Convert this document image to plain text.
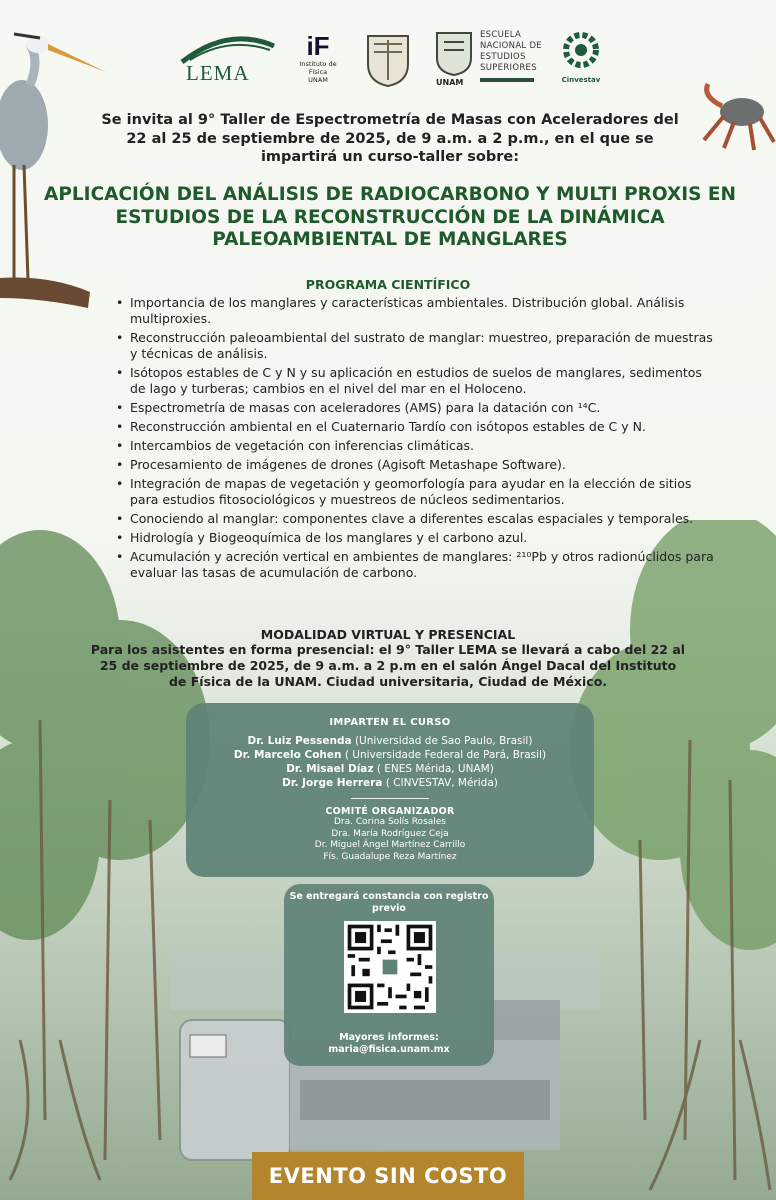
LEMA
iF
Instituto de Física
UNAM
ESCUELA
NACIONAL DE
ESTUDIOS
SUPERIORES
UNAM	Cinvestav
Se invita al 9° Taller de Espectrometría de Masas con Aceleradores del 22 al 25 de septiembre de 2025, de 9 a.m. a 2 p.m., en el que se impartirá un curso-taller sobre:
APLICACIÓN DEL ANÁLISIS DE RADIOCARBONO Y MULTI PROXIS EN ESTUDIOS DE LA RECONSTRUCCIÓN DE LA DINÁMICA PALEOAMBIENTAL DE MANGLARES
PROGRAMA CIENTÍFICO
• Importancia de los manglares y características ambientales. Distribución global. Análisis multiproxies.
• Reconstrucción paleoambiental del sustrato de manglar: muestreo, preparación de muestras y técnicas de análisis.
• Isótopos estables de C y N y su aplicación en estudios de suelos de manglares, sedimentos de lago y turberas; cambios en el nivel del mar en el Holoceno.
• Espectrometría de masas con aceleradores (AMS) para la datación con ¹⁴C.
• Reconstrucción ambiental en el Cuaternario Tardío con isótopos estables de C y N.
• Intercambios de vegetación con inferencias climáticas.
• Procesamiento de imágenes de drones (Agisoft Metashape Software).
• Integración de mapas de vegetación y geomorfología para ayudar en la elección de sitios para estudios fitosociológicos y muestreos de núcleos sedimentarios.
• Conociendo al manglar: componentes clave a diferentes escalas espaciales y temporales.
• Hidrología y Biogeoquímica de los manglares y el carbono azul.
• Acumulación y acreción vertical en ambientes de manglares: ²¹⁰Pb y otros radionúclidos para evaluar las tasas de acumulación de carbono.
MODALIDAD VIRTUAL Y PRESENCIAL
Para los asistentes en forma presencial: el 9° Taller LEMA se llevará a cabo del 22 al 25 de septiembre de 2025, de 9 a.m. a 2 p.m en el salón Ángel Dacal del Instituto de Física de la UNAM. Ciudad universitaria, Ciudad de México.
IMPARTEN EL CURSO
Dr. Luiz Pessenda (Universidad de Sao Paulo, Brasil)
Dr. Marcelo Cohen ( Universidade Federal de Pará, Brasil)
Dr. Misael Díaz ( ENES Mérida, UNAM)
Dr. Jorge Herrera ( CINVESTAV, Mérida)
COMITÉ ORGANIZADOR
Dra. Corina Solís Rosales
Dra. María Rodríguez Ceja
Dr. Miguel Ángel Martínez Carrillo
Fís. Guadalupe Reza Martínez
Se entregará constancia con registro previo
Mayores informes:
maria@fisica.unam.mx
EVENTO SIN COSTO
